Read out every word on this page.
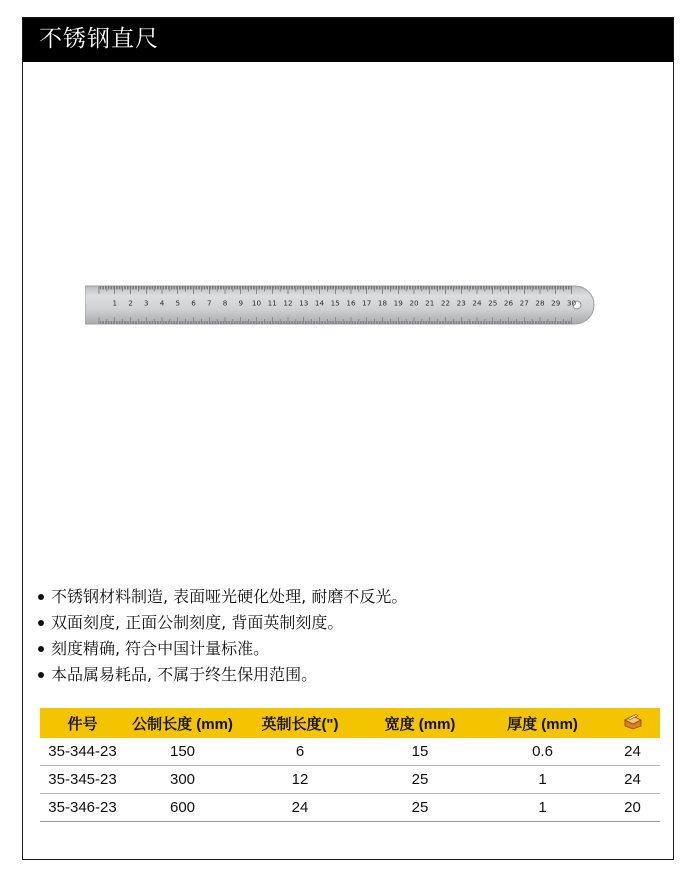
不锈钢直尺
1 2 3 4 5 6 7 8 9 10 11 12 13 14 15 16 17 18 19 20 21 22 23 24 25 26 27 28 29 30
不锈钢材料制造, 表面哑光硬化处理, 耐磨不反光。
双面刻度, 正面公制刻度, 背面英制刻度。
刻度精确, 符合中国计量标准。
本品属易耗品, 不属于终生保用范围。
件号	公制长度 (mm)	英制长度(")	宽度 (mm)	厚度 (mm)	
35-344-23	150	6	15	0.6	24
35-345-23	300	12	25	1	24
35-346-23	600	24	25	1	20
